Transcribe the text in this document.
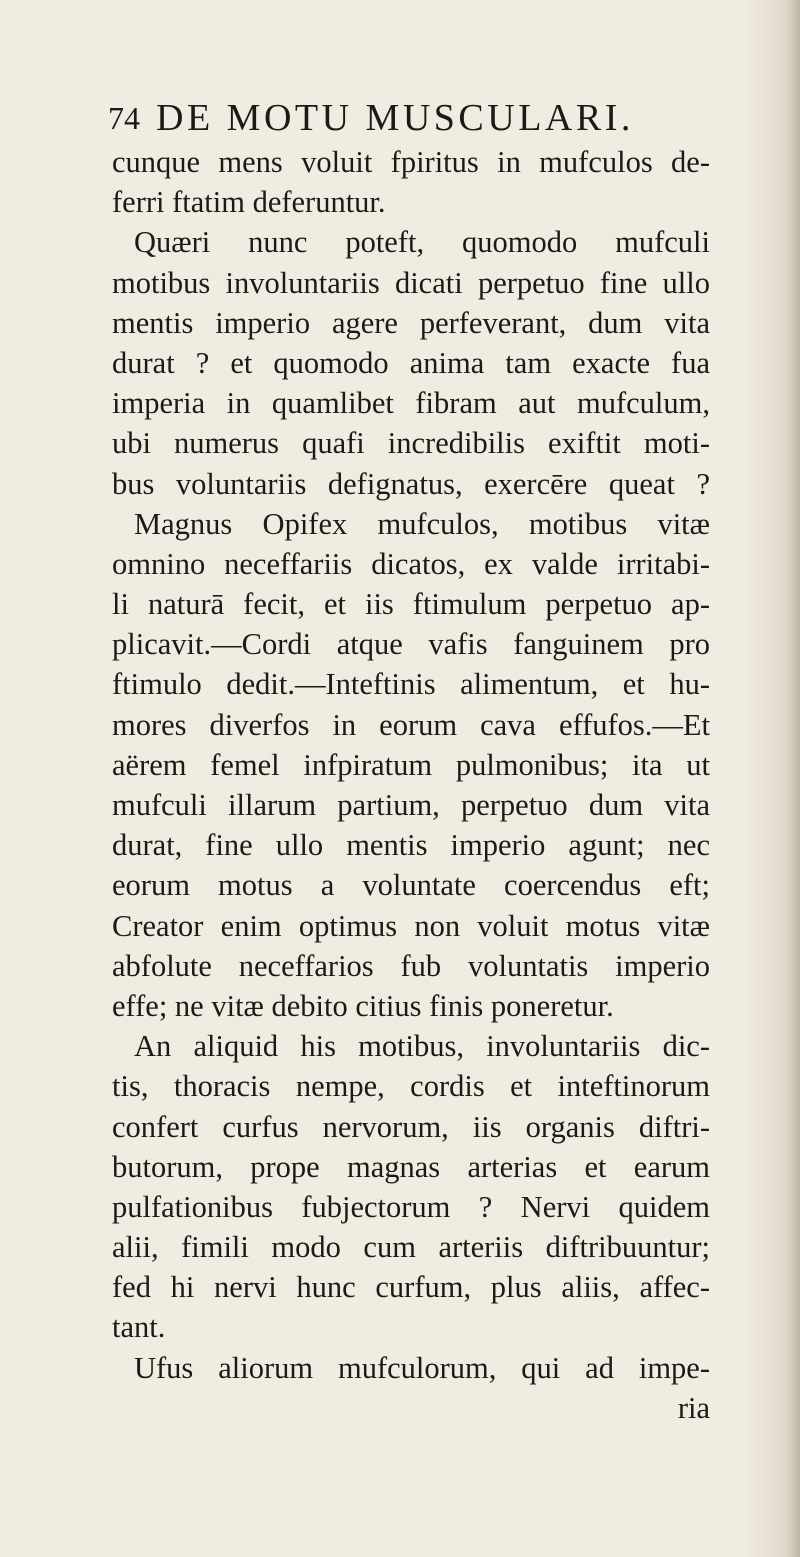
74 DE MOTU MUSCULARI.
cunque mens voluit fpiritus in mufculos de-
ferri ftatim deferuntur.
Quæri nunc poteft, quomodo mufculi
motibus involuntariis dicati perpetuo fine ullo
mentis imperio agere perfeverant, dum vita
durat ? et quomodo anima tam exacte fua
imperia in quamlibet fibram aut mufculum,
ubi numerus quafi incredibilis exiftit moti-
bus voluntariis defignatus, exercēre queat ?
Magnus Opifex mufculos, motibus vitæ
omnino neceffariis dicatos, ex valde irritabi-
li naturā fecit, et iis ftimulum perpetuo ap-
plicavit.—Cordi atque vafis fanguinem pro
ftimulo dedit.—Inteftinis alimentum, et hu-
mores diverfos in eorum cava effufos.—Et
aërem femel infpiratum pulmonibus; ita ut
mufculi illarum partium, perpetuo dum vita
durat, fine ullo mentis imperio agunt; nec
eorum motus a voluntate coercendus eft;
Creator enim optimus non voluit motus vitæ
abfolute neceffarios fub voluntatis imperio
effe; ne vitæ debito citius finis poneretur.
An aliquid his motibus, involuntariis dic-
tis, thoracis nempe, cordis et inteftinorum
confert curfus nervorum, iis organis diftri-
butorum, prope magnas arterias et earum
pulfationibus fubjectorum ? Nervi quidem
alii, fimili modo cum arteriis diftribuuntur;
fed hi nervi hunc curfum, plus aliis, affec-
tant.
Ufus aliorum mufculorum, qui ad impe-
ria
